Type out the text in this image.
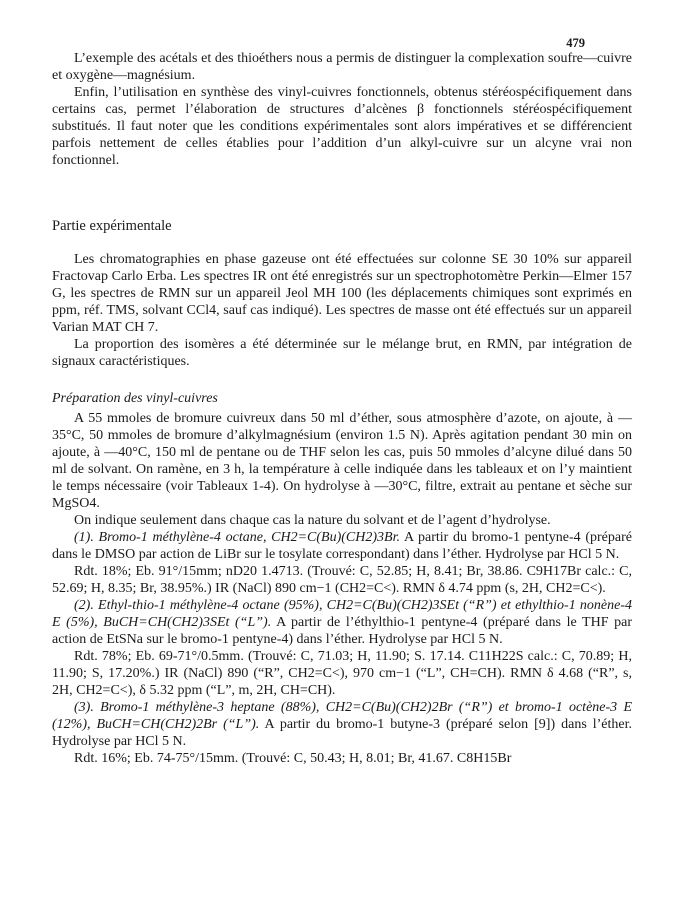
479

L’exemple des acétals et des thioéthers nous a permis de distinguer la complexation soufre—cuivre et oxygène—magnésium.

Enfin, l’utilisation en synthèse des vinyl-cuivres fonctionnels, obtenus stéréospécifiquement dans certains cas, permet l’élaboration de structures d’alcènes β fonctionnels stéréospécifiquement substitués. Il faut noter que les conditions expérimentales sont alors impératives et se différencient parfois nettement de celles établies pour l’addition d’un alkyl-cuivre sur un alcyne vrai non fonctionnel.

Partie expérimentale

Les chromatographies en phase gazeuse ont été effectuées sur colonne SE 30 10% sur appareil Fractovap Carlo Erba. Les spectres IR ont été enregistrés sur un spectrophotomètre Perkin—Elmer 157 G, les spectres de RMN sur un appareil Jeol MH 100 (les déplacements chimiques sont exprimés en ppm, réf. TMS, solvant CCl4, sauf cas indiqué). Les spectres de masse ont été effectués sur un appareil Varian MAT CH 7.

La proportion des isomères a été déterminée sur le mélange brut, en RMN, par intégration de signaux caractéristiques.

Préparation des vinyl-cuivres

A 55 mmoles de bromure cuivreux dans 50 ml d’éther, sous atmosphère d’azote, on ajoute, à —35°C, 50 mmoles de bromure d’alkylmagnésium (environ 1.5 N). Après agitation pendant 30 min on ajoute, à —40°C, 150 ml de pentane ou de THF selon les cas, puis 50 mmoles d’alcyne dilué dans 50 ml de solvant. On ramène, en 3 h, la température à celle indiquée dans les tableaux et on l’y maintient le temps nécessaire (voir Tableaux 1-4). On hydrolyse à —30°C, filtre, extrait au pentane et sèche sur MgSO4.

On indique seulement dans chaque cas la nature du solvant et de l’agent d’hydrolyse.

(1). Bromo-1 méthylène-4 octane, CH2=C(Bu)(CH2)3Br. A partir du bromo-1 pentyne-4 (préparé dans le DMSO par action de LiBr sur le tosylate correspondant) dans l’éther. Hydrolyse par HCl 5 N.

Rdt. 18%; Eb. 91°/15mm; nD20 1.4713. (Trouvé: C, 52.85; H, 8.41; Br, 38.86. C9H17Br calc.: C, 52.69; H, 8.35; Br, 38.95%.) IR (NaCl) 890 cm−1 (CH2=C<). RMN δ 4.74 ppm (s, 2H, CH2=C<).

(2). Ethyl-thio-1 méthylène-4 octane (95%), CH2=C(Bu)(CH2)3SEt (“R”) et ethylthio-1 nonène-4 E (5%), BuCH=CH(CH2)3SEt (“L”). A partir de l’éthylthio-1 pentyne-4 (préparé dans le THF par action de EtSNa sur le bromo-1 pentyne-4) dans l’éther. Hydrolyse par HCl 5 N.

Rdt. 78%; Eb. 69-71°/0.5mm. (Trouvé: C, 71.03; H, 11.90; S. 17.14. C11H22S calc.: C, 70.89; H, 11.90; S, 17.20%.) IR (NaCl) 890 (“R”, CH2=C<), 970 cm−1 (“L”, CH=CH). RMN δ 4.68 (“R”, s, 2H, CH2=C<), δ 5.32 ppm (“L”, m, 2H, CH=CH).

(3). Bromo-1 méthylène-3 heptane (88%), CH2=C(Bu)(CH2)2Br (“R”) et bromo-1 octène-3 E (12%), BuCH=CH(CH2)2Br (“L”). A partir du bromo-1 butyne-3 (préparé selon [9]) dans l’éther. Hydrolyse par HCl 5 N.

Rdt. 16%; Eb. 74-75°/15mm. (Trouvé: C, 50.43; H, 8.01; Br, 41.67. C8H15Br
